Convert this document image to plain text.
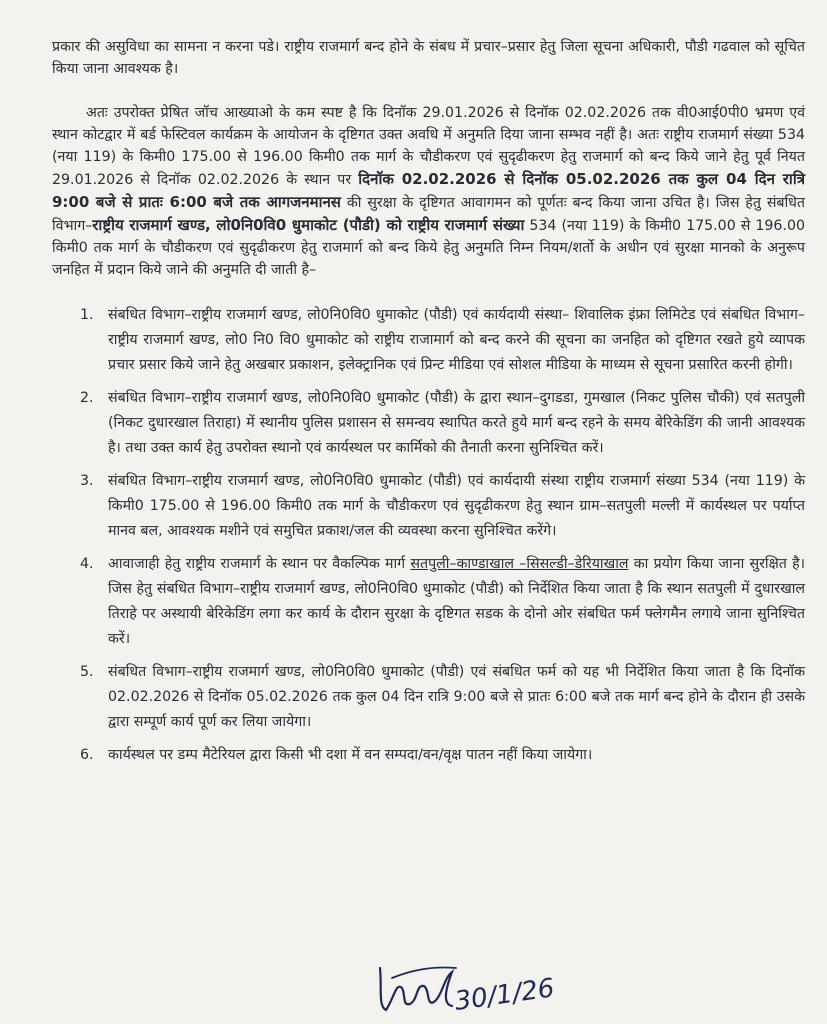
प्रकार की असुविधा का सामना न करना पडे। राष्ट्रीय राजमार्ग बन्द होने के संबध में प्रचार–प्रसार हेतु जिला सूचना अधिकारी, पौडी गढवाल को सूचित किया जाना आवश्यक है।

अतः उपरोक्त प्रेषित जॉच आख्याओ के कम स्पष्ट है कि दिनॉक 29.01.2026 से दिनॉक 02.02.2026 तक वी0आई0पी0 भ्रमण एवं स्थान कोटद्वार में बर्ड फेस्टिवल कार्यक्रम के आयोजन के दृष्टिगत उक्त अवधि में अनुमति दिया जाना सम्भव नहीं है। अतः राष्ट्रीय राजमार्ग संख्या 534 (नया 119) के किमी0 175.00 से 196.00 किमी0 तक मार्ग के चौडीकरण एवं सुदृढीकरण हेतु राजमार्ग को बन्द किये जाने हेतु पूर्व नियत 29.01.2026 से दिनॉक 02.02.2026 के स्थान पर दिनॉक 02.02.2026 से दिनॉक 05.02.2026 तक कुल 04 दिन रात्रि 9:00 बजे से प्रातः 6:00 बजे तक आगजनमानस की सुरक्षा के दृष्टिगत आवागमन को पूर्णतः बन्द किया जाना उचित है। जिस हेतु संबधित विभाग–राष्ट्रीय राजमार्ग खण्ड, लो0नि0वि0 धुमाकोट (पौडी) को राष्ट्रीय राजमार्ग संख्या 534 (नया 119) के किमी0 175.00 से 196.00 किमी0 तक मार्ग के चौडीकरण एवं सुदृढीकरण हेतु राजमार्ग को बन्द किये हेतु अनुमति निम्न नियम/शर्तो के अधीन एवं सुरक्षा मानको के अनुरूप जनहित में प्रदान किये जाने की अनुमति दी जाती है–

1. संबधित विभाग–राष्ट्रीय राजमार्ग खण्ड, लो0नि0वि0 धुमाकोट (पौडी) एवं कार्यदायी संस्था– शिवालिक इंफ्रा लिमिटेड एवं संबधित विभाग–राष्ट्रीय राजमार्ग खण्ड, लो0 नि0 वि0 धुमाकोट को राष्ट्रीय राजामार्ग को बन्द करने की सूचना का जनहित को दृष्टिगत रखते हुये व्यापक प्रचार प्रसार किये जाने हेतु अखबार प्रकाशन, इलेक्ट्रानिक एवं प्रिन्ट मीडिया एवं सोशल मीडिया के माध्यम से सूचना प्रसारित करनी होगी।
2. संबधित विभाग–राष्ट्रीय राजमार्ग खण्ड, लो0नि0वि0 धुमाकोट (पौडी) के द्वारा स्थान–दुगडडा, गुमखाल (निकट पुलिस चौकी) एवं सतपुली (निकट दुधारखाल तिराहा) में स्थानीय पुलिस प्रशासन से समन्वय स्थापित करते हुये मार्ग बन्द रहने के समय बेरिकेडिंग की जानी आवश्यक है। तथा उक्त कार्य हेतु उपरोक्त स्थानो एवं कार्यस्थल पर कार्मिको की तैनाती करना सुनिश्चित करें।
3. संबधित विभाग–राष्ट्रीय राजमार्ग खण्ड, लो0नि0वि0 धुमाकोट (पौडी) एवं कार्यदायी संस्था राष्ट्रीय राजमार्ग संख्या 534 (नया 119) के किमी0 175.00 से 196.00 किमी0 तक मार्ग के चौडीकरण एवं सुदृढीकरण हेतु स्थान ग्राम–सतपुली मल्ली में कार्यस्थल पर पर्याप्त मानव बल, आवश्यक मशीने एवं समुचित प्रकाश/जल की व्यवस्था करना सुनिश्चित करेंगे।
4. आवाजाही हेतु राष्ट्रीय राजमार्ग के स्थान पर वैकल्पिक मार्ग सतपुली–काण्डाखाल –सिसल्डी–डेरियाखाल का प्रयोग किया जाना सुरक्षित है। जिस हेतु संबधित विभाग–राष्ट्रीय राजमार्ग खण्ड, लो0नि0वि0 धुमाकोट (पौडी) को निर्देशित किया जाता है कि स्थान सतपुली में दुधारखाल तिराहे पर अस्थायी बेरिकेडिंग लगा कर कार्य के दौरान सुरक्षा के दृष्टिगत सडक के दोनो ओर संबधित फर्म फ्लेगमैन लगाये जाना सुनिश्चित करें।
5. संबधित विभाग–राष्ट्रीय राजमार्ग खण्ड, लो0नि0वि0 धुमाकोट (पौडी) एवं संबधित फर्म को यह भी निर्देशित किया जाता है कि दिनॉक 02.02.2026 से दिनॉक 05.02.2026 तक कुल 04 दिन रात्रि 9:00 बजे से प्रातः 6:00 बजे तक मार्ग बन्द होने के दौरान ही उसके द्वारा सम्पूर्ण कार्य पूर्ण कर लिया जायेगा।
6. कार्यस्थल पर डम्प मैटेरियल द्वारा किसी भी दशा में वन सम्पदा/वन/वृक्ष पातन नहीं किया जायेगा।
30/1/26
